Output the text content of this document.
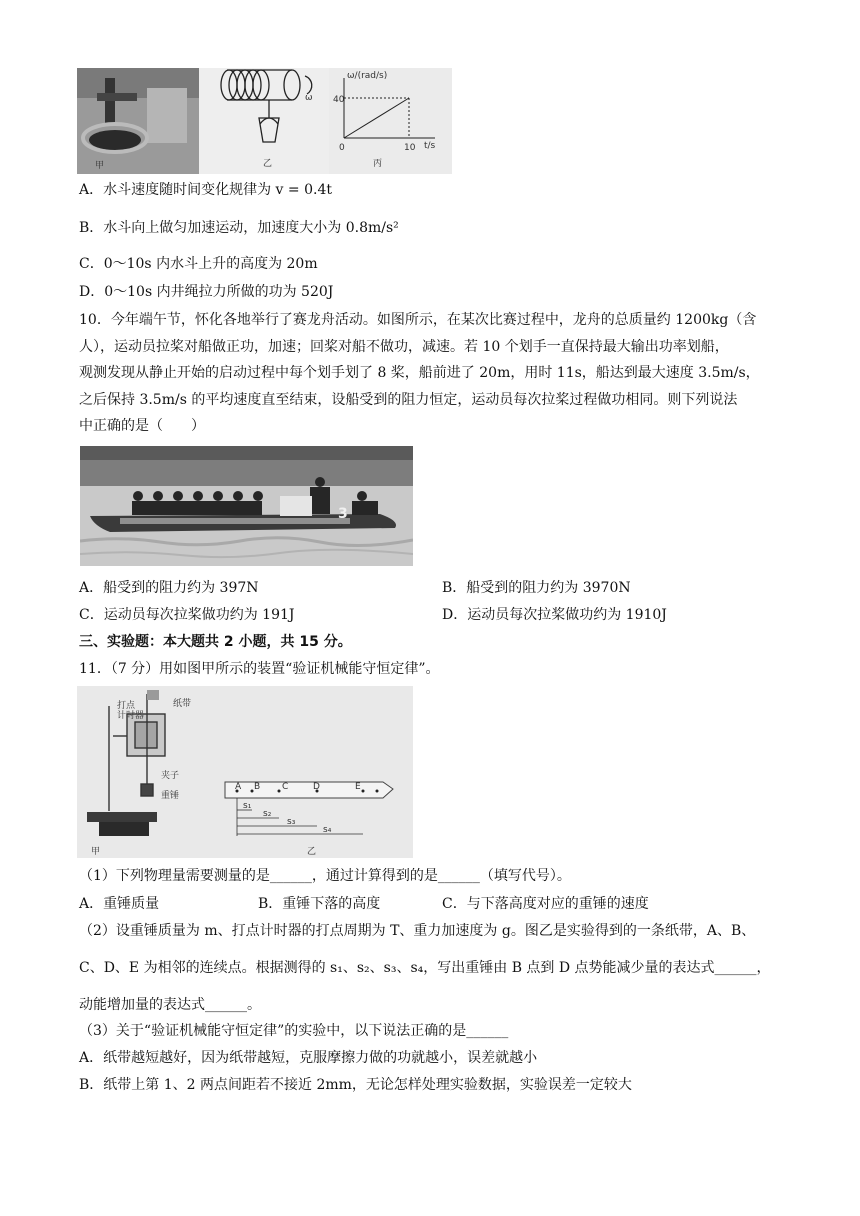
甲
ω
乙
ω/(rad/s)
t/s
40
10
0
丙
A．水斗速度随时间变化规律为 v = 0.4t
B．水斗向上做匀加速运动，加速度大小为 0.8m/s²
C．0～10s 内水斗上升的高度为 20m
D．0～10s 内井绳拉力所做的功为 520J
10．今年端午节，怀化各地举行了赛龙舟活动。如图所示，在某次比赛过程中，龙舟的总质量约 1200kg（含
人），运动员拉桨对船做正功，加速；回桨对船不做功，减速。若 10 个划手一直保持最大输出功率划船，
观测发现从静止开始的启动过程中每个划手划了 8 桨，船前进了 20m，用时 11s，船达到最大速度 3.5m/s，
之后保持 3.5m/s 的平均速度直至结束，设船受到的阻力恒定，运动员每次拉桨过程做功相同。则下列说法
中正确的是（　　）
3
A．船受到的阻力约为 397N	B．船受到的阻力约为 3970N
C．运动员每次拉桨做功约为 191J	D．运动员每次拉桨做功约为 1910J
三、实验题：本大题共 2 小题，共 15 分。
11．（7 分）用如图甲所示的装置“验证机械能守恒定律”。
打点
计时器
纸带
夹子
重锤
甲
A B C	D	E
s₁
s₂
s₃
s₄
乙
（1）下列物理量需要测量的是______，通过计算得到的是______（填写代号）。
A．重锤质量	B．重锤下落的高度	C．与下落高度对应的重锤的速度
（2）设重锤质量为 m、打点计时器的打点周期为 T、重力加速度为 g。图乙是实验得到的一条纸带，A、B、
C、D、E 为相邻的连续点。根据测得的 s₁、s₂、s₃、s₄，写出重锤由 B 点到 D 点势能减少量的表达式______，
动能增加量的表达式______。
（3）关于“验证机械能守恒定律”的实验中，以下说法正确的是______
A．纸带越短越好，因为纸带越短，克服摩擦力做的功就越小，误差就越小
B．纸带上第 1、2 两点间距若不接近 2mm，无论怎样处理实验数据，实验误差一定较大
